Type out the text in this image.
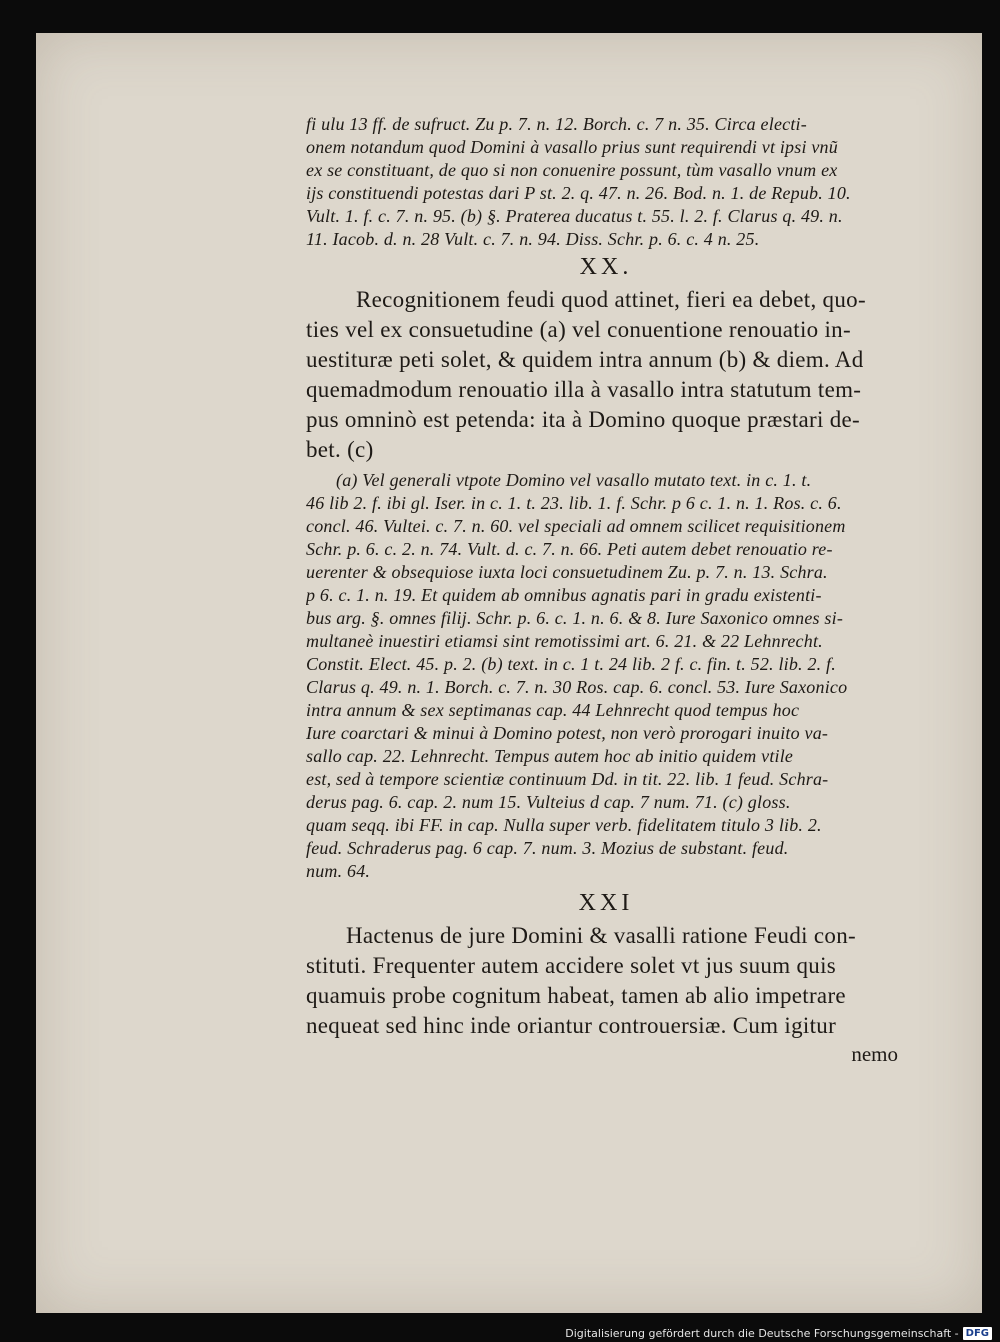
fi ulu 13 ff. de sufruct. Zu p. 7. n. 12. Borch. c. 7 n. 35. Circa electi-
onem notandum quod Domini à vasallo prius sunt requirendi vt ipsi vnũ
ex se constituant, de quo si non conuenire possunt, tùm vasallo vnum ex
ijs constituendi potestas dari P st. 2. q. 47. n. 26. Bod. n. 1. de Repub. 10.
Vult. 1. f. c. 7. n. 95. (b) §. Praterea ducatus t. 55. l. 2. f. Clarus q. 49. n.
11. Iacob. d. n. 28 Vult. c. 7. n. 94. Diss. Schr. p. 6. c. 4 n. 25.
XX.
Recognitionem feudi quod attinet, fieri ea debet, quo-
ties vel ex consuetudine (a) vel conuentione renouatio in-
uestituræ peti solet, & quidem intra annum (b) & diem. Ad
quemadmodum renouatio illa à vasallo intra statutum tem-
pus omninò est petenda: ita à Domino quoque præstari de-
bet. (c)
(a) Vel generali vtpote Domino vel vasallo mutato text. in c. 1. t.
46 lib 2. f. ibi gl. Iser. in c. 1. t. 23. lib. 1. f. Schr. p 6 c. 1. n. 1. Ros. c. 6.
concl. 46. Vultei. c. 7. n. 60. vel speciali ad omnem scilicet requisitionem
Schr. p. 6. c. 2. n. 74. Vult. d. c. 7. n. 66. Peti autem debet renouatio re-
uerenter & obsequiose iuxta loci consuetudinem Zu. p. 7. n. 13. Schra.
p 6. c. 1. n. 19. Et quidem ab omnibus agnatis pari in gradu existenti-
bus arg. §. omnes filij. Schr. p. 6. c. 1. n. 6. & 8. Iure Saxonico omnes si-
multaneè inuestiri etiamsi sint remotissimi art. 6. 21. & 22 Lehnrecht.
Constit. Elect. 45. p. 2. (b) text. in c. 1 t. 24 lib. 2 f. c. fin. t. 52. lib. 2. f.
Clarus q. 49. n. 1. Borch. c. 7. n. 30 Ros. cap. 6. concl. 53. Iure Saxonico
intra annum & sex septimanas cap. 44 Lehnrecht quod tempus hoc
Iure coarctari & minui à Domino potest, non verò prorogari inuito va-
sallo cap. 22. Lehnrecht. Tempus autem hoc ab initio quidem vtile
est, sed à tempore scientiæ continuum Dd. in tit. 22. lib. 1 feud. Schra-
derus pag. 6. cap. 2. num 15. Vulteius d cap. 7 num. 71. (c) gloss.
quam seqq. ibi FF. in cap. Nulla super verb. fidelitatem titulo 3 lib. 2.
feud. Schraderus pag. 6 cap. 7. num. 3. Mozius de substant. feud.
num. 64.
XXI
Hactenus de jure Domini & vasalli ratione Feudi con-
stituti. Frequenter autem accidere solet vt jus suum quis
quamuis probe cognitum habeat, tamen ab alio impetrare
nequeat sed hinc inde oriantur controuersiæ. Cum igitur
nemo
Digitalisierung gefördert durch die Deutsche Forschungsgemeinschaft - DFG
